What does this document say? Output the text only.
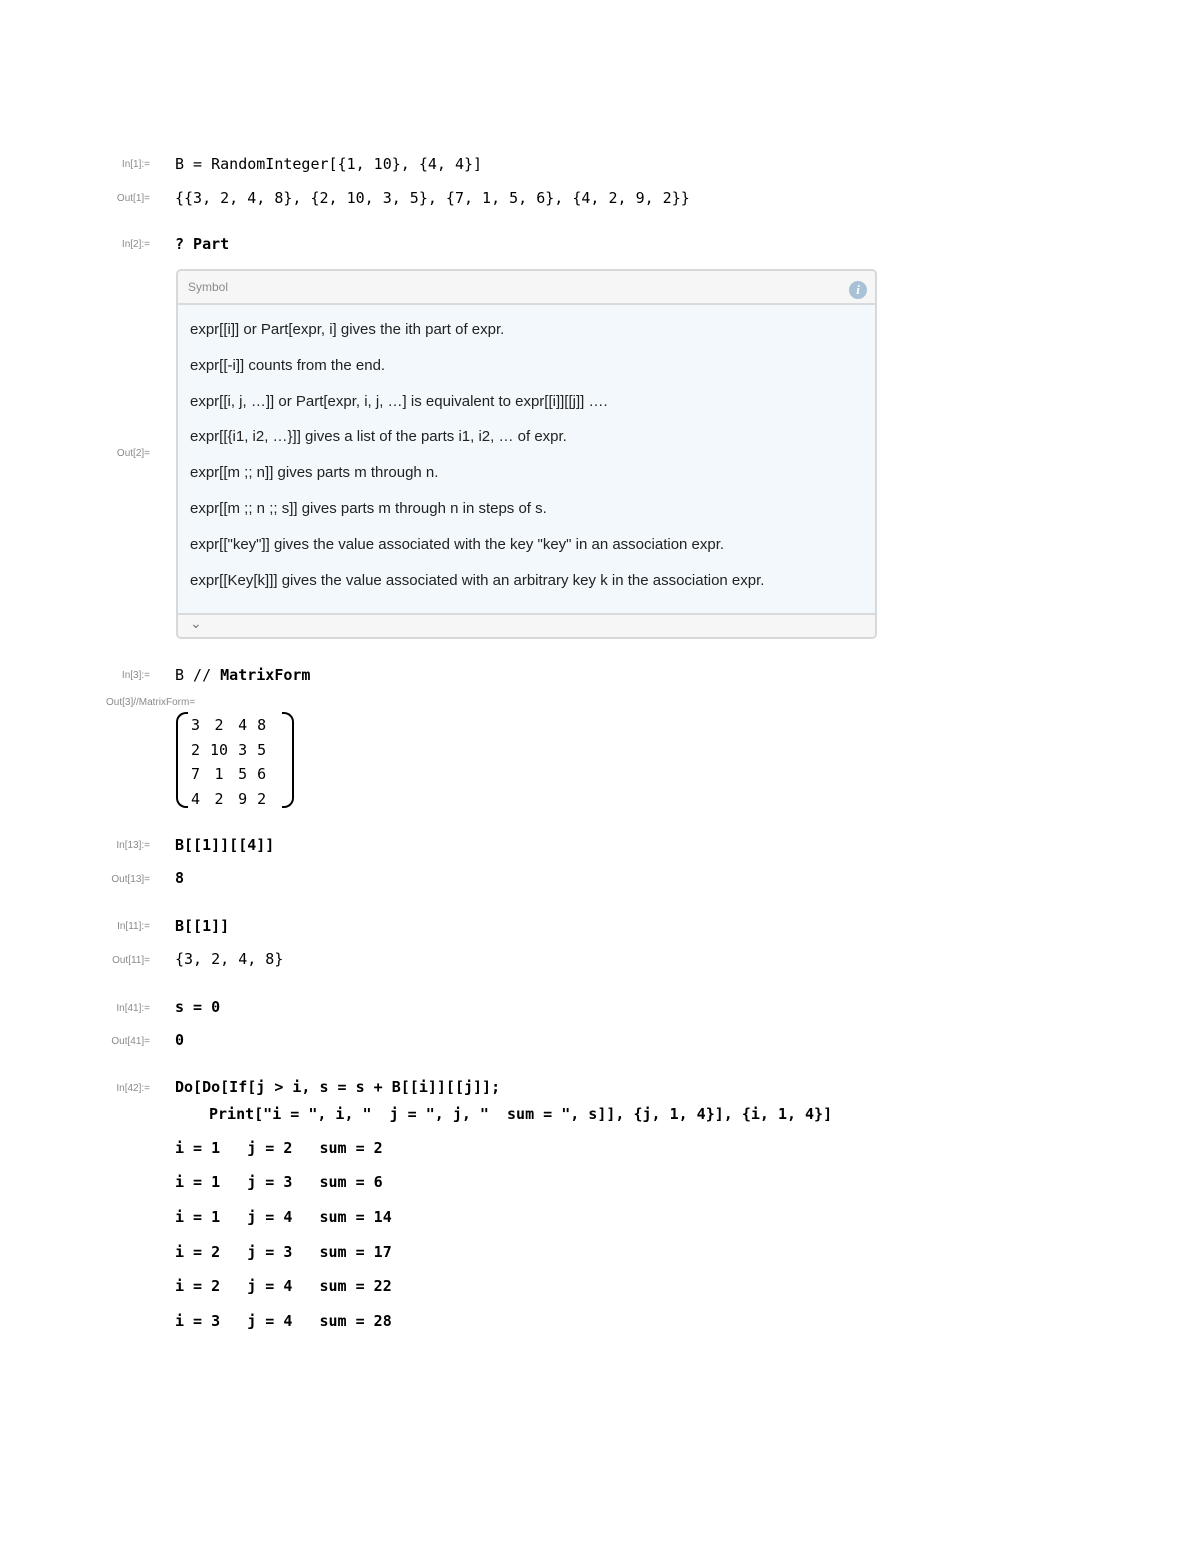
In[1]:= B = RandomInteger[{1, 10}, {4, 4}]
Out[1]= {{3, 2, 4, 8}, {2, 10, 3, 5}, {7, 1, 5, 6}, {4, 2, 9, 2}}
In[2]:= ? Part
Out[2]=
Symbol	i
expr[[i]] or Part[expr, i] gives the ith part of expr.
expr[[-i]] counts from the end.
expr[[i, j, …]] or Part[expr, i, j, …] is equivalent to expr[[i]][[j]] ….
expr[[{i1, i2, …}]] gives a list of the parts i1, i2, … of expr.
expr[[m ;; n]] gives parts m through n.
expr[[m ;; n ;; s]] gives parts m through n in steps of s.
expr[["key"]] gives the value associated with the key "key" in an association expr.
expr[[Key[k]]] gives the value associated with an arbitrary key k in the association expr.
⌄
In[3]:= B // MatrixForm
Out[3]//MatrixForm=
3	2	4	8
2	10	3	5
7	1	5	6
4	2	9	2
In[13]:= B[[1]][[4]]
Out[13]= 8
In[11]:= B[[1]]
Out[11]= {3, 2, 4, 8}
In[41]:= s = 0
Out[41]= 0
In[42]:= Do[Do[If[j > i, s = s + B[[i]][[j]];
Print["i = ", i, "  j = ", j, "  sum = ", s]], {j, 1, 4}], {i, 1, 4}]
i = 1   j = 2   sum = 2
i = 1   j = 3   sum = 6
i = 1   j = 4   sum = 14
i = 2   j = 3   sum = 17
i = 2   j = 4   sum = 22
i = 3   j = 4   sum = 28
